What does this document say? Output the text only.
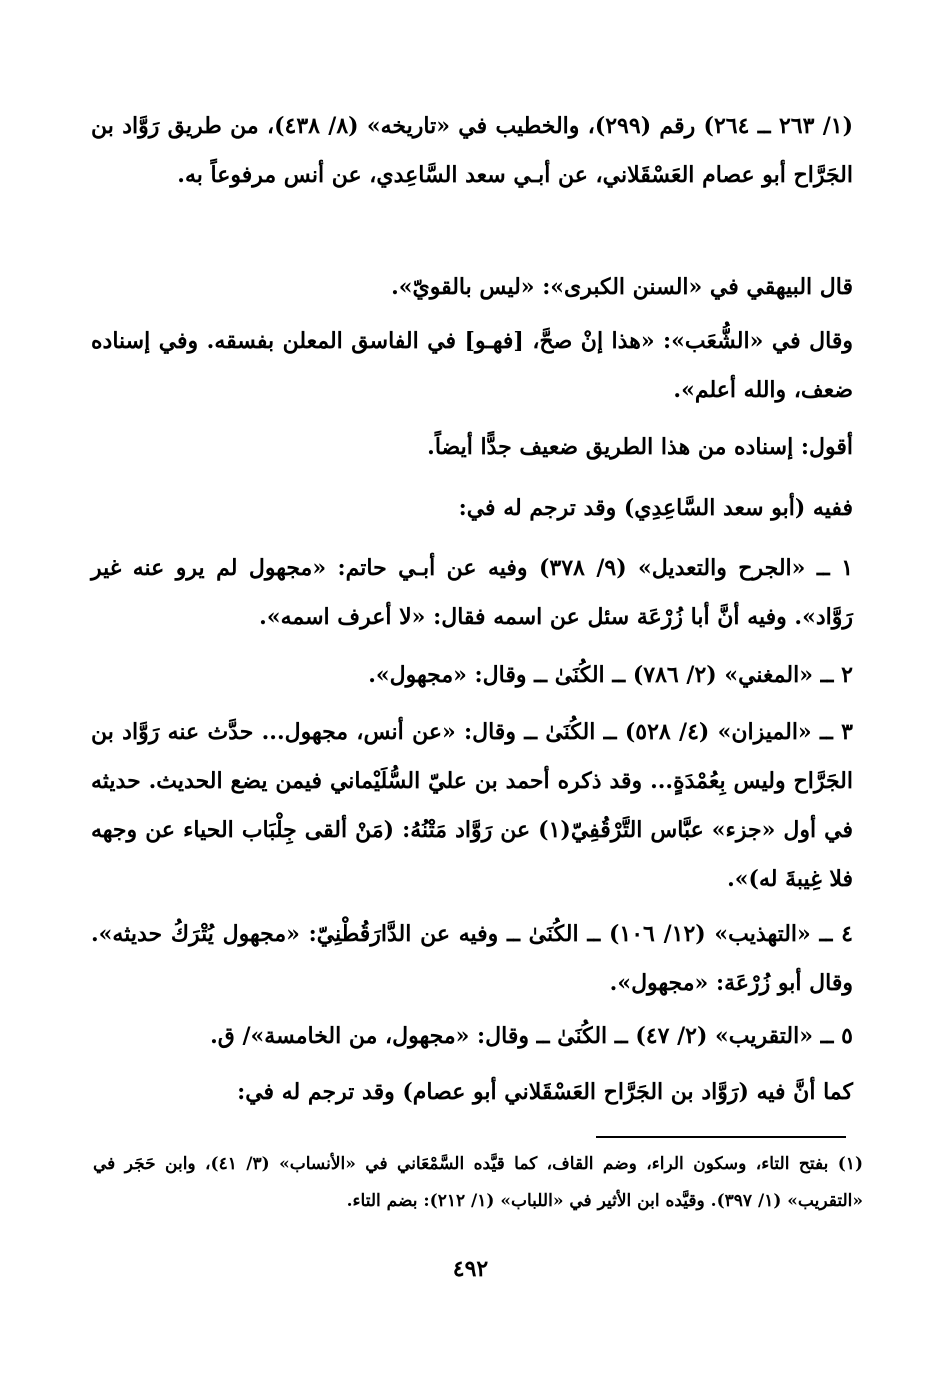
(١/ ٢٦٣ ــ ٢٦٤) رقم (٢٩٩)، والخطيب في «تاريخه» (٨/ ٤٣٨)، من طريق رَوَّاد بن الجَرَّاح أبو عصام العَسْقَلاني، عن أبـي سعد السَّاعِدي، عن أنس مرفوعاً به.
قال البيهقي في «السنن الكبرى»: «ليس بالقويّ».
وقال في «الشُّعَب»: «هذا إنْ صحَّ، [فهـو] في الفاسق المعلن بفسقه. وفي إسناده ضعف، والله أعلم».
أقول: إسناده من هذا الطريق ضعيف جدًّا أيضاً.
ففيه (أبو سعد السَّاعِدِي) وقد ترجم له في:
١ ــ «الجرح والتعديل» (٩/ ٣٧٨) وفيه عن أبـي حاتم: «مجهول لم يرو عنه غير رَوَّاد». وفيه أنَّ أبا زُرْعَة سئل عن اسمه فقال: «لا أعرف اسمه».
٢ ــ «المغني» (٢/ ٧٨٦) ــ الكُنَىٰ ــ وقال: «مجهول».
٣ ــ «الميزان» (٤/ ٥٢٨) ــ الكُنَىٰ ــ وقال: «عن أنس، مجهول... حدَّث عنه رَوَّاد بن الجَرَّاح وليس بِعُمْدَةٍ... وقد ذكره أحمد بن عليّ السُّلَيْماني فيمن يضع الحديث. حديثه في أول «جزء» عبَّاس التَّرْقُفِيّ(١) عن رَوَّاد مَتْنُهُ: (مَنْ ألقى جِلْبَاب الحياء عن وجهه فلا غِيبةَ له)».
٤ ــ «التهذيب» (١٢/ ١٠٦) ــ الكُنَىٰ ــ وفيه عن الدَّارَقُطْنِيّ: «مجهول يُتْرَكُ حديثه». وقال أبو زُرْعَة: «مجهول».
٥ ــ «التقريب» (٢/ ٤٧) ــ الكُنَىٰ ــ وقال: «مجهول، من الخامسة»/ ق.
كما أنَّ فيه (رَوَّاد بن الجَرَّاح العَسْقَلاني أبو عصام) وقد ترجم له في:
(١) بفتح التاء، وسكون الراء، وضم القاف، كما قيَّده السَّمْعَاني في «الأنساب» (٣/ ٤١)، وابن حَجَر في «التقريب» (١/ ٣٩٧). وقيَّده ابن الأثير في «اللباب» (١/ ٢١٢): بضم التاء.
٤٩٢
